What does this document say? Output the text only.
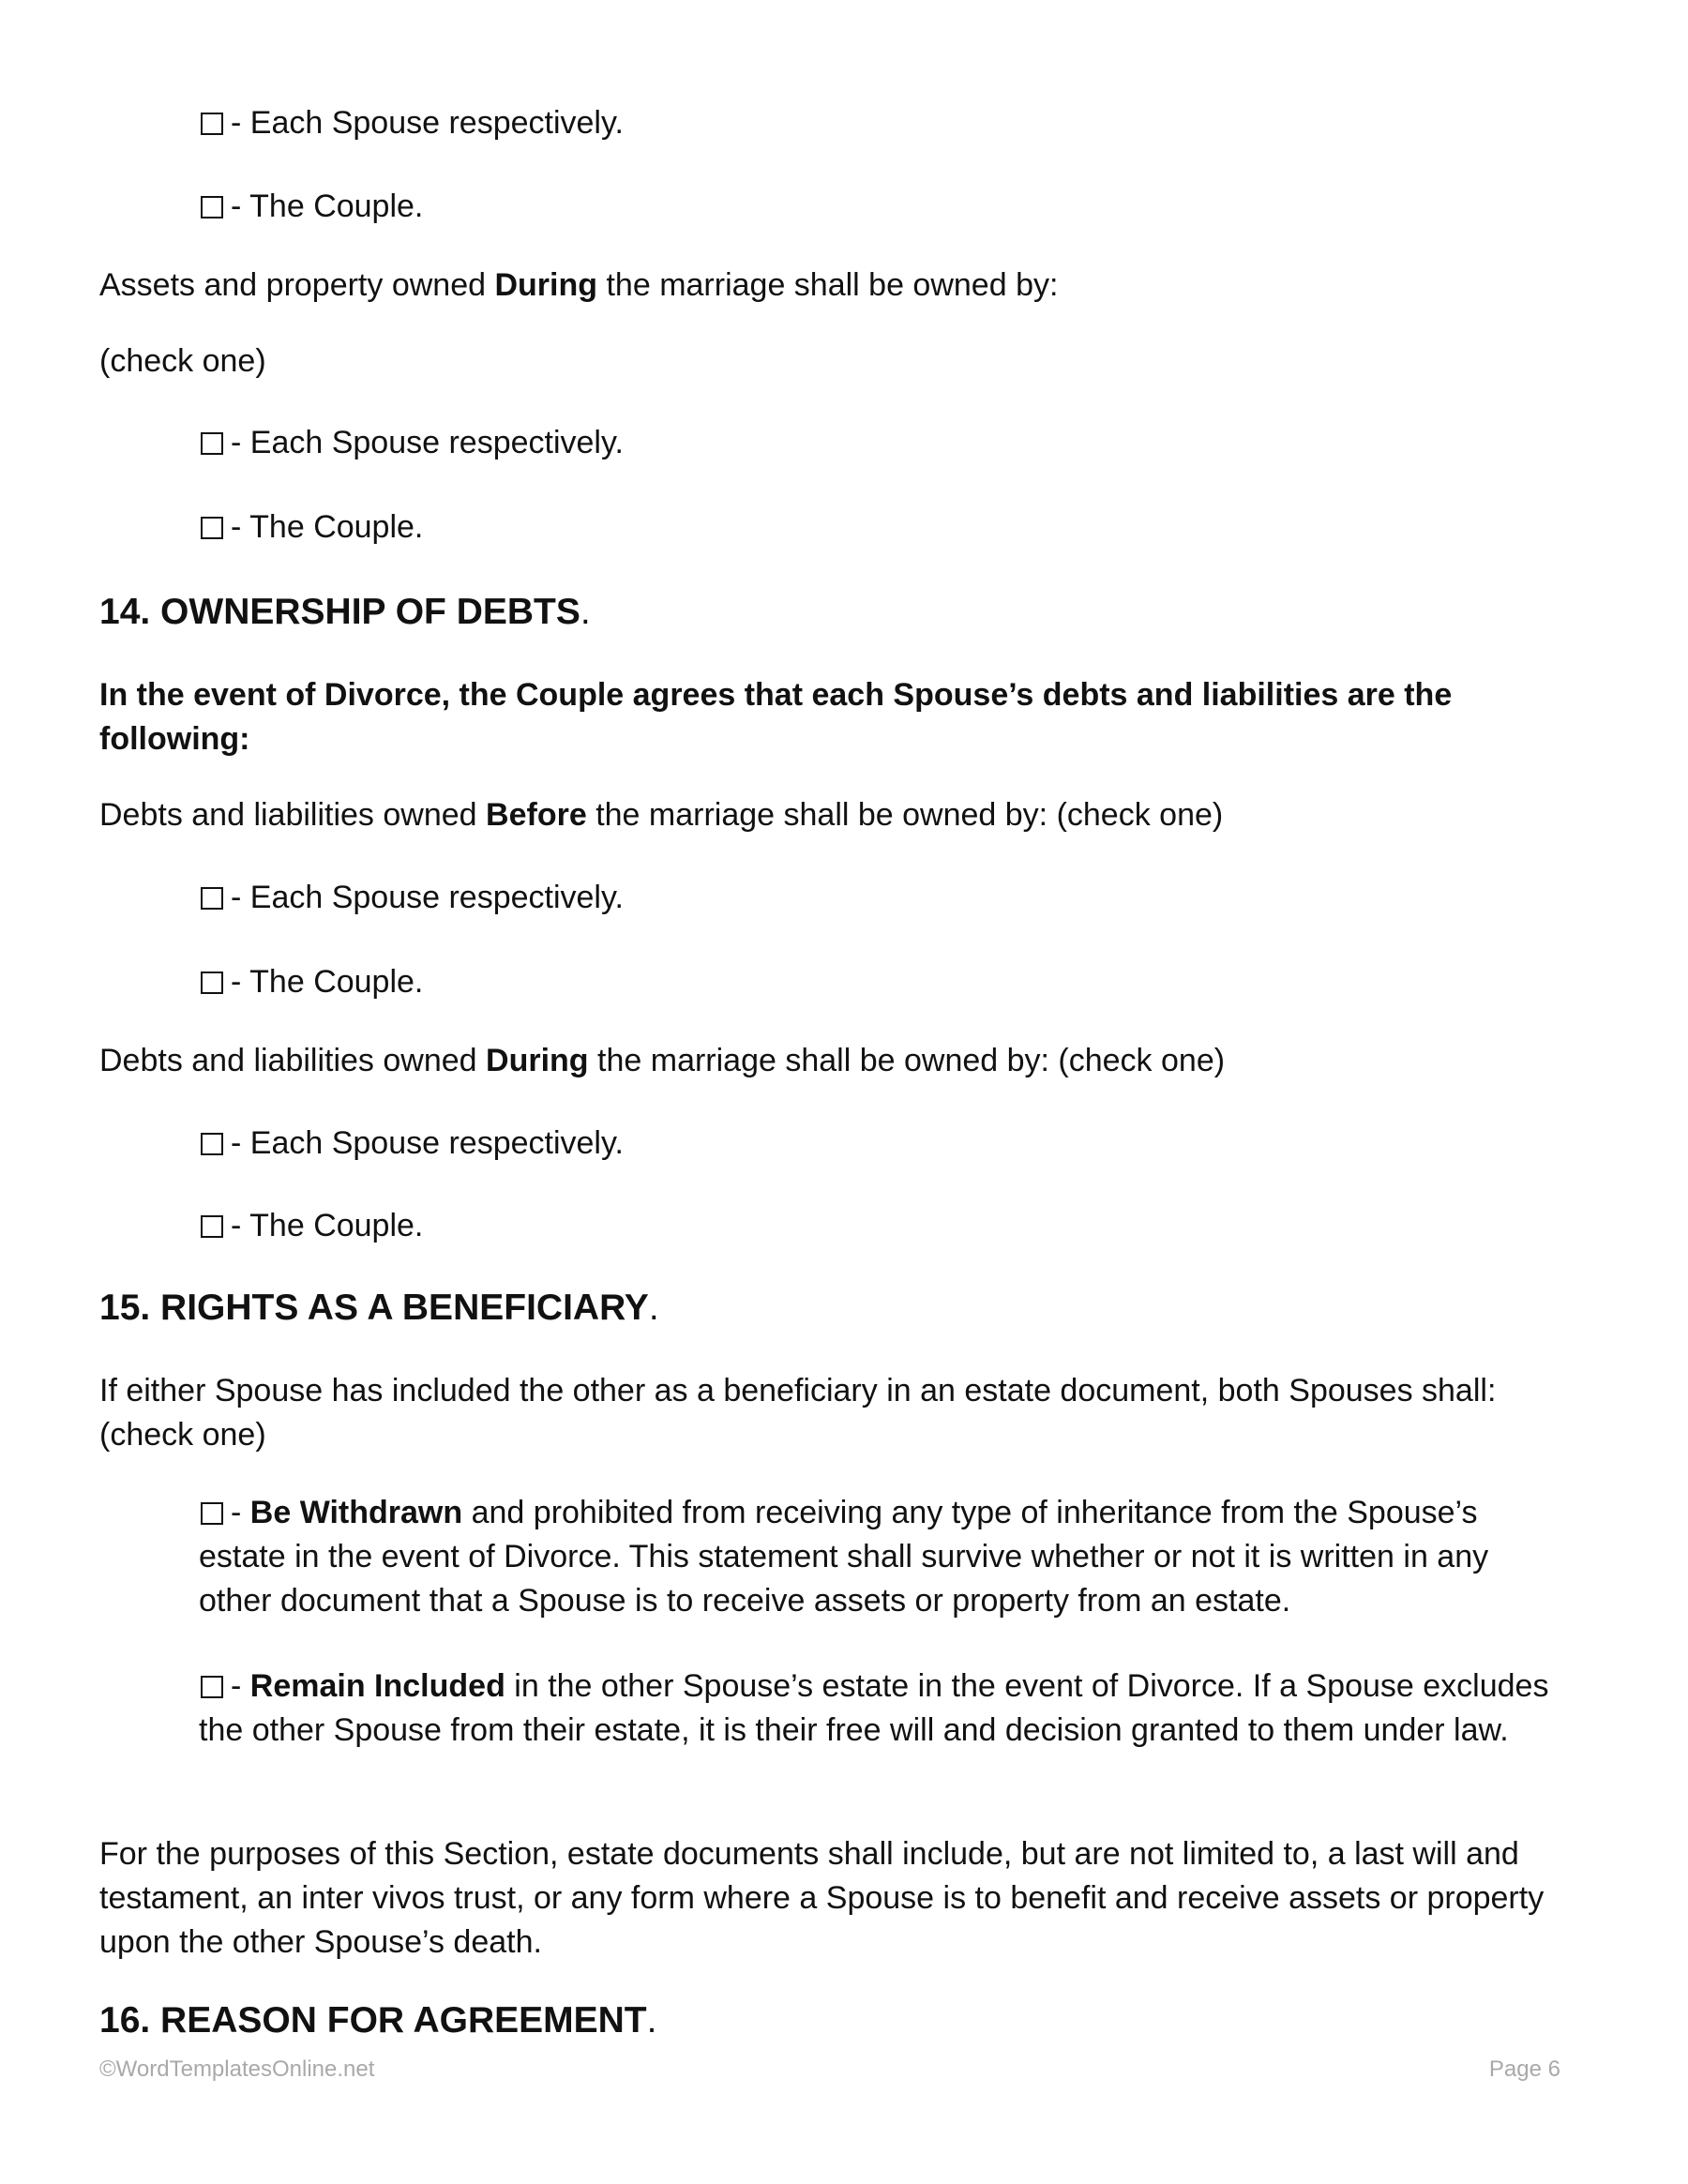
- Each Spouse respectively.
- The Couple.
Assets and property owned During the marriage shall be owned by:
(check one)
- Each Spouse respectively.
- The Couple.
14. OWNERSHIP OF DEBTS.
In the event of Divorce, the Couple agrees that each Spouse’s debts and liabilities are the following:
Debts and liabilities owned Before the marriage shall be owned by: (check one)
- Each Spouse respectively.
- The Couple.
Debts and liabilities owned During the marriage shall be owned by: (check one)
- Each Spouse respectively.
- The Couple.
15. RIGHTS AS A BENEFICIARY.
If either Spouse has included the other as a beneficiary in an estate document, both Spouses shall: (check one)
- Be Withdrawn and prohibited from receiving any type of inheritance from the Spouse’s estate in the event of Divorce. This statement shall survive whether or not it is written in any other document that a Spouse is to receive assets or property from an estate.
- Remain Included in the other Spouse’s estate in the event of Divorce. If a Spouse excludes the other Spouse from their estate, it is their free will and decision granted to them under law.
For the purposes of this Section, estate documents shall include, but are not limited to, a last will and testament, an inter vivos trust, or any form where a Spouse is to benefit and receive assets or property upon the other Spouse’s death.
16. REASON FOR AGREEMENT.
©WordTemplatesOnline.net	Page 6
